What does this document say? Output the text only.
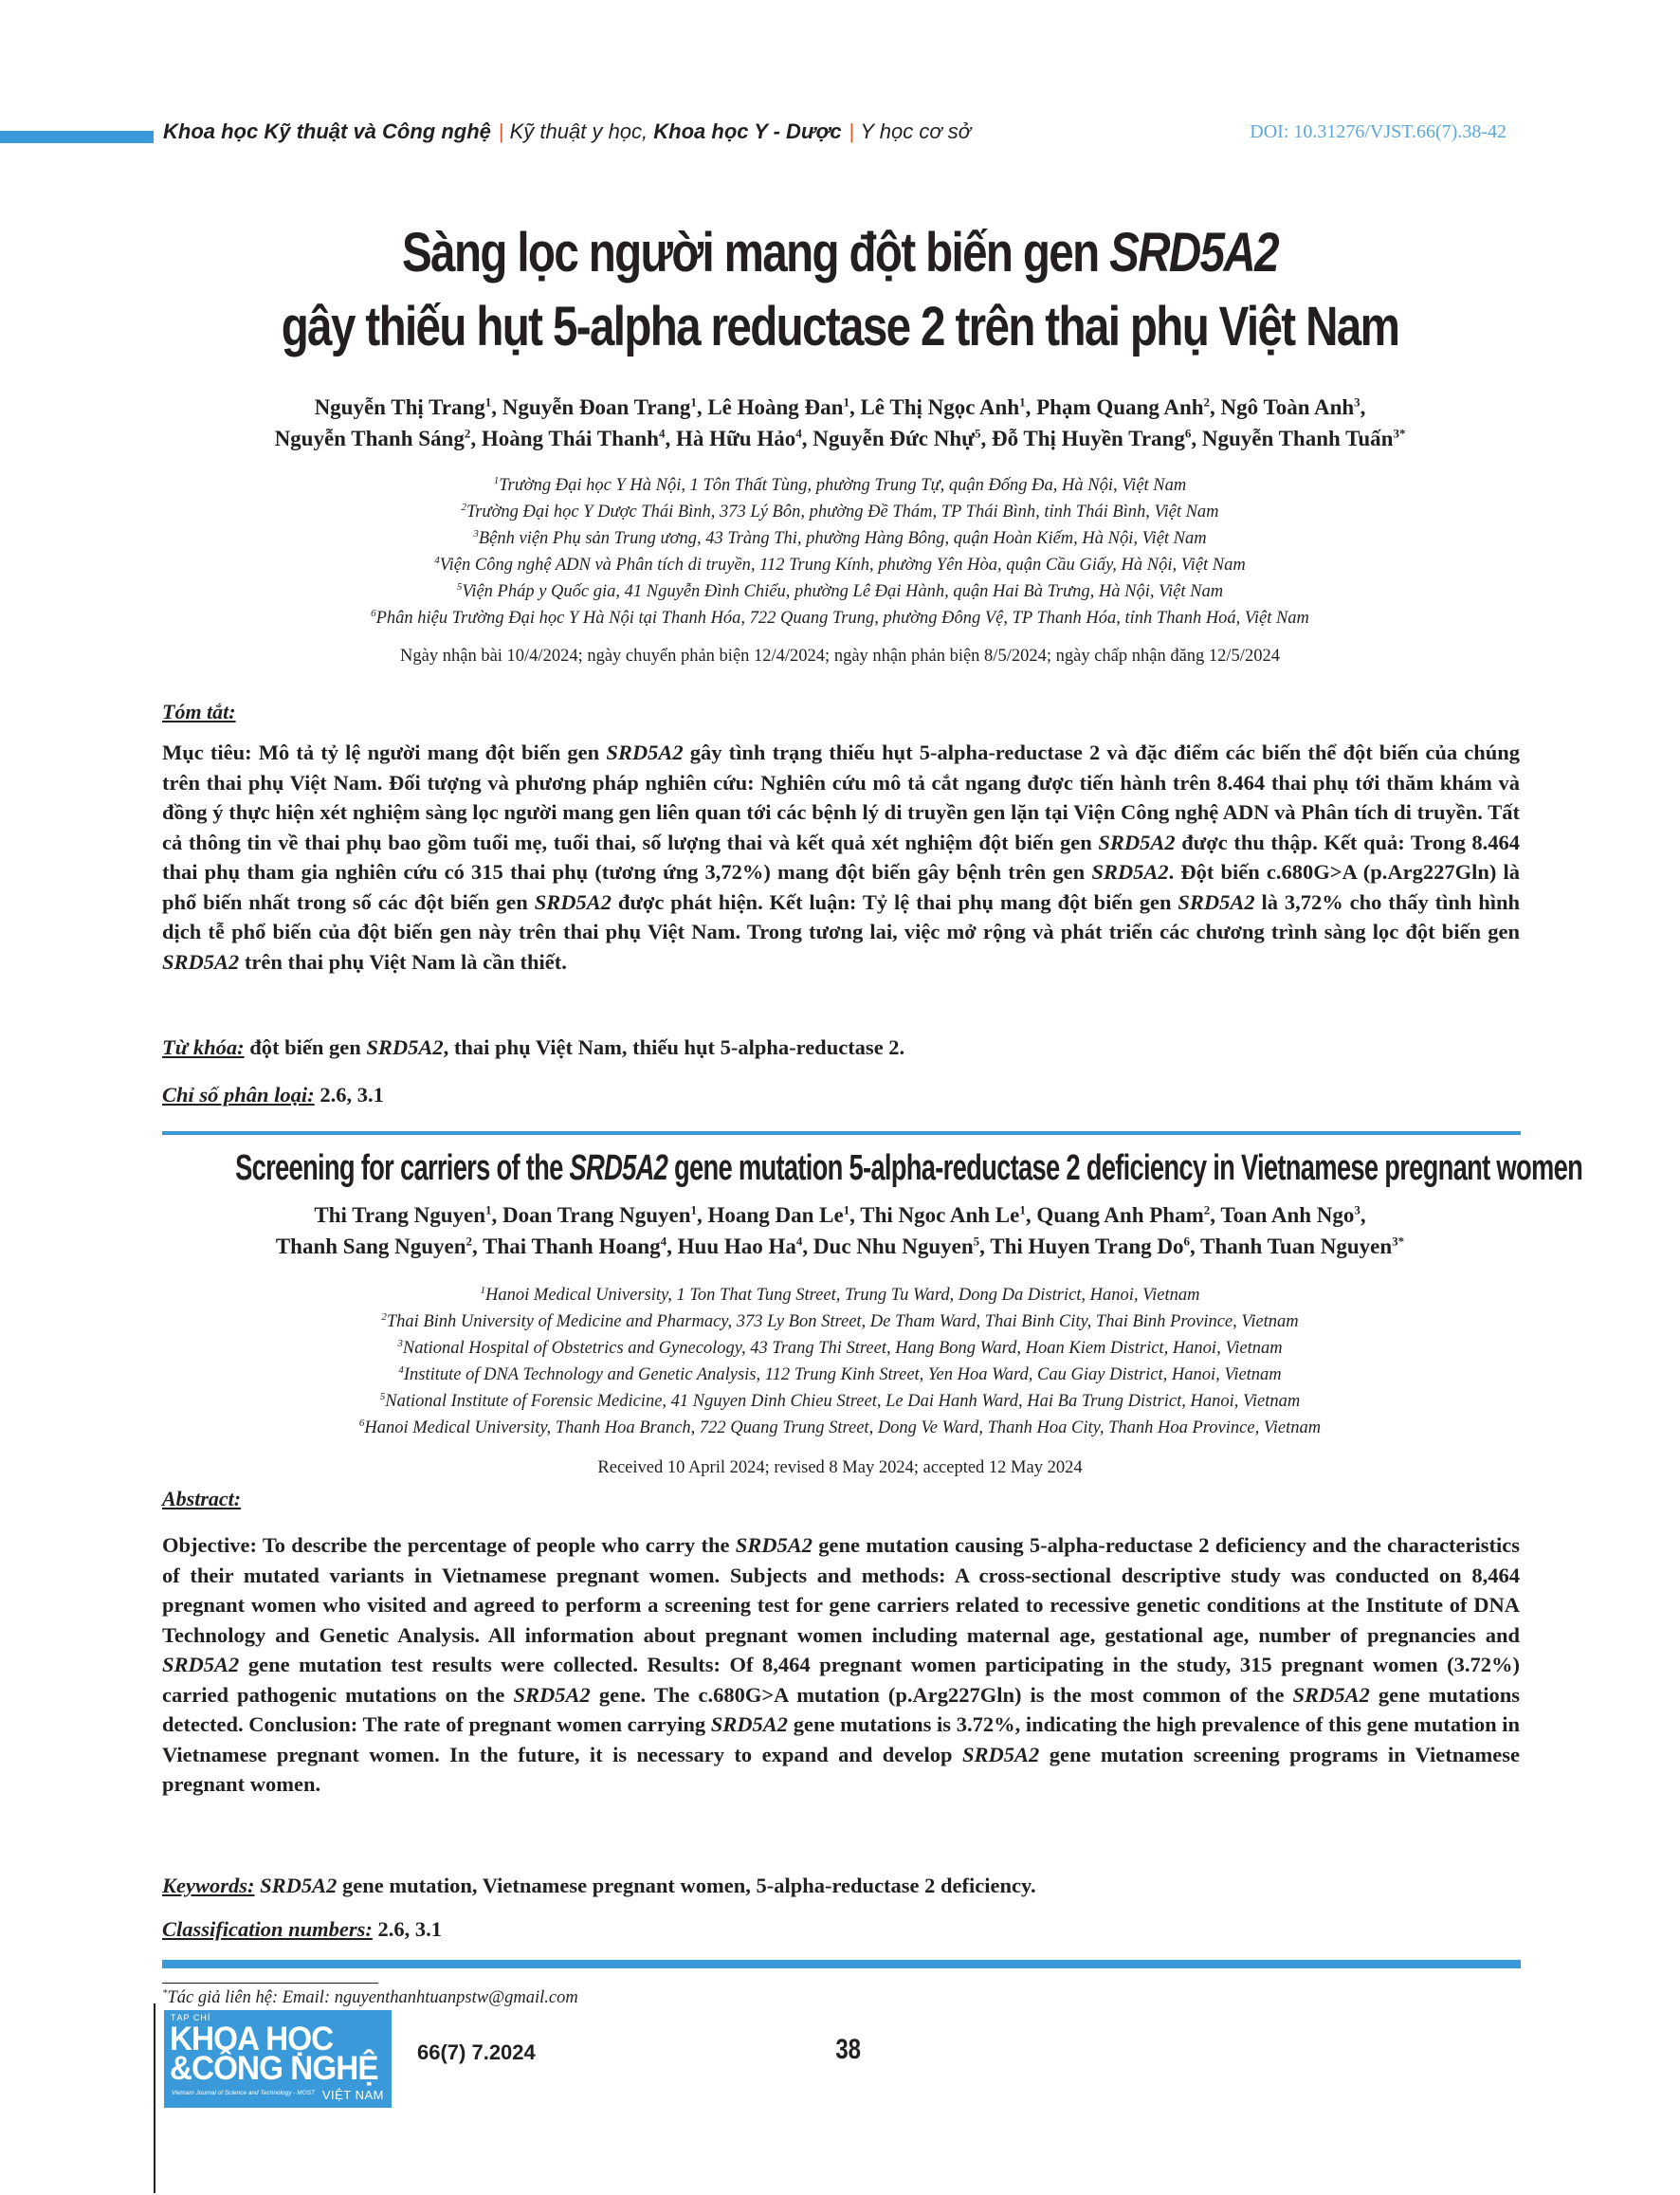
Khoa học Kỹ thuật và Công nghệ | Kỹ thuật y học, Khoa học Y - Dược | Y học cơ sở	DOI: 10.31276/VJST.66(7).38-42
Sàng lọc người mang đột biến gen SRD5A2
gây thiếu hụt 5-alpha reductase 2 trên thai phụ Việt Nam
Nguyễn Thị Trang$^1$, Nguyễn Đoan Trang$^1$, Lê Hoàng Đan$^1$, Lê Thị Ngọc Anh$^1$, Phạm Quang Anh$^2$, Ngô Toàn Anh$^3$,
Nguyễn Thanh Sáng$^2$, Hoàng Thái Thanh$^4$, Hà Hữu Hảo$^4$, Nguyễn Đức Nhự$^5$, Đỗ Thị Huyền Trang$^6$, Nguyễn Thanh Tuấn$^{3*}$
$^1$Trường Đại học Y Hà Nội, 1 Tôn Thất Tùng, phường Trung Tự, quận Đống Đa, Hà Nội, Việt Nam
$^2$Trường Đại học Y Dược Thái Bình, 373 Lý Bôn, phường Đề Thám, TP Thái Bình, tỉnh Thái Bình, Việt Nam
$^3$Bệnh viện Phụ sản Trung ương, 43 Tràng Thi, phường Hàng Bông, quận Hoàn Kiếm, Hà Nội, Việt Nam
$^4$Viện Công nghệ ADN và Phân tích di truyền, 112 Trung Kính, phường Yên Hòa, quận Cầu Giấy, Hà Nội, Việt Nam
$^5$Viện Pháp y Quốc gia, 41 Nguyễn Đình Chiểu, phường Lê Đại Hành, quận Hai Bà Trưng, Hà Nội, Việt Nam
$^6$Phân hiệu Trường Đại học Y Hà Nội tại Thanh Hóa, 722 Quang Trung, phường Đông Vệ, TP Thanh Hóa, tỉnh Thanh Hoá, Việt Nam
Ngày nhận bài 10/4/2024; ngày chuyển phản biện 12/4/2024; ngày nhận phản biện 8/5/2024; ngày chấp nhận đăng 12/5/2024
Tóm tắt:

Mục tiêu: Mô tả tỷ lệ người mang đột biến gen SRD5A2 gây tình trạng thiếu hụt 5-alpha-reductase 2 và đặc điểm các biến thể đột biến của chúng trên thai phụ Việt Nam. Đối tượng và phương pháp nghiên cứu: Nghiên cứu mô tả cắt ngang được tiến hành trên 8.464 thai phụ tới thăm khám và đồng ý thực hiện xét nghiệm sàng lọc người mang gen liên quan tới các bệnh lý di truyền gen lặn tại Viện Công nghệ ADN và Phân tích di truyền. Tất cả thông tin về thai phụ bao gồm tuổi mẹ, tuổi thai, số lượng thai và kết quả xét nghiệm đột biến gen SRD5A2 được thu thập. Kết quả: Trong 8.464 thai phụ tham gia nghiên cứu có 315 thai phụ (tương ứng 3,72%) mang đột biến gây bệnh trên gen SRD5A2. Đột biến c.680G>A (p.Arg227Gln) là phổ biến nhất trong số các đột biến gen SRD5A2 được phát hiện. Kết luận: Tỷ lệ thai phụ mang đột biến gen SRD5A2 là 3,72% cho thấy tình hình dịch tễ phổ biến của đột biến gen này trên thai phụ Việt Nam. Trong tương lai, việc mở rộng và phát triển các chương trình sàng lọc đột biến gen SRD5A2 trên thai phụ Việt Nam là cần thiết.

Từ khóa: đột biến gen SRD5A2, thai phụ Việt Nam, thiếu hụt 5-alpha-reductase 2.
Chỉ số phân loại: 2.6, 3.1
Screening for carriers of the SRD5A2 gene mutation 5-alpha-reductase 2 deficiency in Vietnamese pregnant women
Thi Trang Nguyen$^1$, Doan Trang Nguyen$^1$, Hoang Dan Le$^1$, Thi Ngoc Anh Le$^1$, Quang Anh Pham$^2$, Toan Anh Ngo$^3$,
Thanh Sang Nguyen$^2$, Thai Thanh Hoang$^4$, Huu Hao Ha$^4$, Duc Nhu Nguyen$^5$, Thi Huyen Trang Do$^6$, Thanh Tuan Nguyen$^{3*}$
$^1$Hanoi Medical University, 1 Ton That Tung Street, Trung Tu Ward, Dong Da District, Hanoi, Vietnam
$^2$Thai Binh University of Medicine and Pharmacy, 373 Ly Bon Street, De Tham Ward, Thai Binh City, Thai Binh Province, Vietnam
$^3$National Hospital of Obstetrics and Gynecology, 43 Trang Thi Street, Hang Bong Ward, Hoan Kiem District, Hanoi, Vietnam
$^4$Institute of DNA Technology and Genetic Analysis, 112 Trung Kinh Street, Yen Hoa Ward, Cau Giay District, Hanoi, Vietnam
$^5$National Institute of Forensic Medicine, 41 Nguyen Dinh Chieu Street, Le Dai Hanh Ward, Hai Ba Trung District, Hanoi, Vietnam
$^6$Hanoi Medical University, Thanh Hoa Branch, 722 Quang Trung Street, Dong Ve Ward, Thanh Hoa City, Thanh Hoa Province, Vietnam
Received 10 April 2024; revised 8 May 2024; accepted 12 May 2024
Abstract:

Objective: To describe the percentage of people who carry the SRD5A2 gene mutation causing 5-alpha-reductase 2 deficiency and the characteristics of their mutated variants in Vietnamese pregnant women. Subjects and methods: A cross-sectional descriptive study was conducted on 8,464 pregnant women who visited and agreed to perform a screening test for gene carriers related to recessive genetic conditions at the Institute of DNA Technology and Genetic Analysis. All information about pregnant women including maternal age, gestational age, number of pregnancies and SRD5A2 gene mutation test results were collected. Results: Of 8,464 pregnant women participating in the study, 315 pregnant women (3.72%) carried pathogenic mutations on the SRD5A2 gene. The c.680G>A mutation (p.Arg227Gln) is the most common of the SRD5A2 gene mutations detected. Conclusion: The rate of pregnant women carrying SRD5A2 gene mutations is 3.72%, indicating the high prevalence of this gene mutation in Vietnamese pregnant women. In the future, it is necessary to expand and develop SRD5A2 gene mutation screening programs in Vietnamese pregnant women.

Keywords: SRD5A2 gene mutation, Vietnamese pregnant women, 5-alpha-reductase 2 deficiency.
Classification numbers: 2.6, 3.1
*Tác giả liên hệ: Email: nguyenthanhtuanpstw@gmail.com
TẠP CHÍ
KHOA HỌC
&CÔNG NGHỆ
Vietnam Journal of Science and Technology - MOST VIỆT NAM
66(7) 7.2024	38
